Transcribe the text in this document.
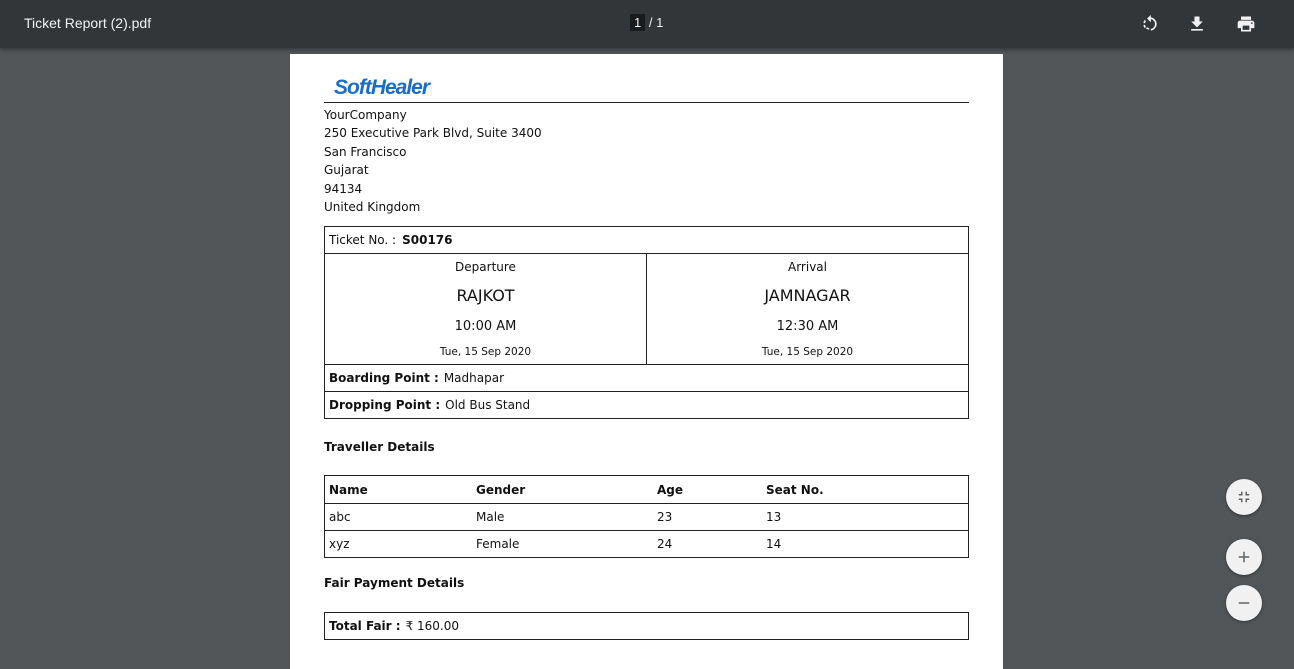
Ticket Report (2).pdf	1 / 1
SoftHealer
YourCompany
250 Executive Park Blvd, Suite 3400
San Francisco
Gujarat
94134
United Kingdom
Ticket No. : S00176
Departure
RAJKOT
10:00 AM
Tue, 15 Sep 2020
Arrival
JAMNAGAR
12:30 AM
Tue, 15 Sep 2020
Boarding Point : Madhapar
Dropping Point : Old Bus Stand
Traveller Details
Name	Gender	Age	Seat No.
abc	Male	23	13
xyz	Female	24	14
Fair Payment Details
Total Fair : ₹ 160.00
